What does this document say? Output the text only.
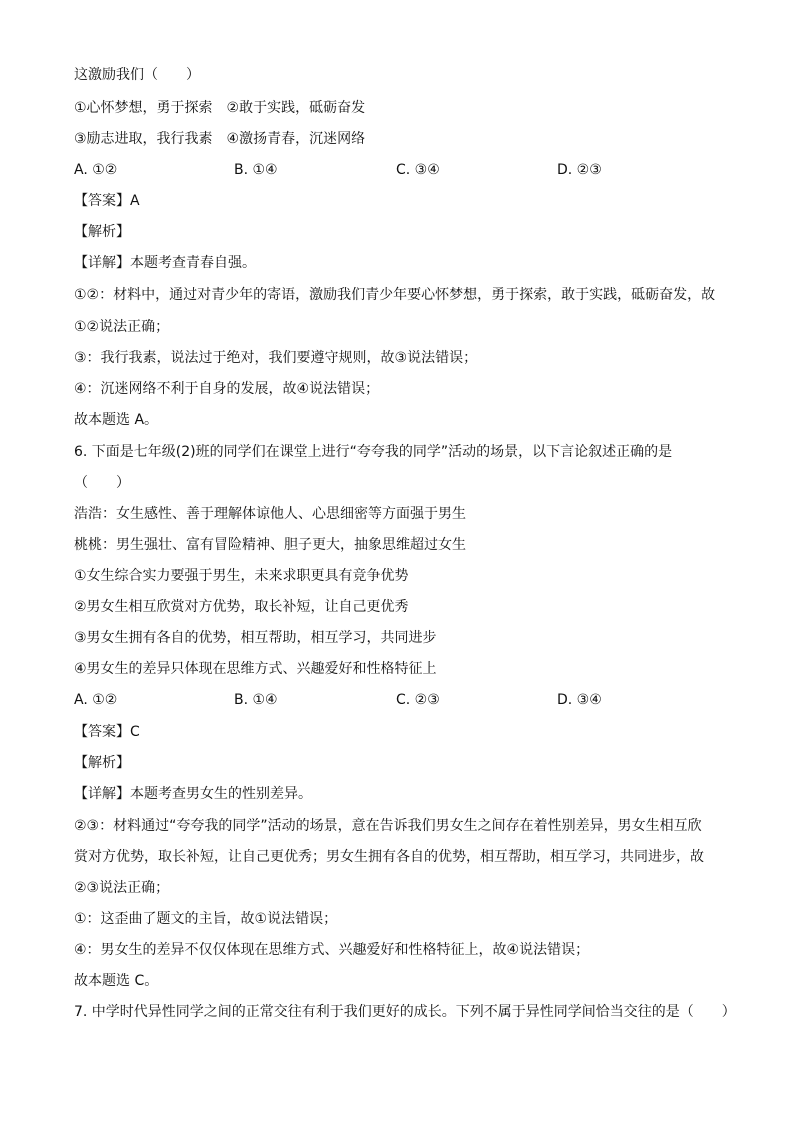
这激励我们（　　）
①心怀梦想，勇于探索　②敢于实践，砥砺奋发
③励志进取，我行我素　④激扬青春，沉迷网络
A. ①②	B. ①④	C. ③④	D. ②③
【答案】A
【解析】
【详解】本题考查青春自强。
①②：材料中，通过对青少年的寄语，激励我们青少年要心怀梦想，勇于探索，敢于实践，砥砺奋发，故
①②说法正确；
③：我行我素，说法过于绝对，我们要遵守规则，故③说法错误；
④：沉迷网络不利于自身的发展，故④说法错误；
故本题选 A。
6. 下面是七年级(2)班的同学们在课堂上进行“夸夸我的同学”活动的场景，以下言论叙述正确的是
（　　）
浩浩：女生感性、善于理解体谅他人、心思细密等方面强于男生
桃桃：男生强壮、富有冒险精神、胆子更大，抽象思维超过女生
①女生综合实力要强于男生，未来求职更具有竞争优势
②男女生相互欣赏对方优势，取长补短，让自己更优秀
③男女生拥有各自的优势，相互帮助，相互学习，共同进步
④男女生的差异只体现在思维方式、兴趣爱好和性格特征上
A. ①②	B. ①④	C. ②③	D. ③④
【答案】C
【解析】
【详解】本题考查男女生的性别差异。
②③：材料通过“夸夸我的同学”活动的场景，意在告诉我们男女生之间存在着性别差异，男女生相互欣
赏对方优势，取长补短，让自己更优秀；男女生拥有各自的优势，相互帮助，相互学习，共同进步，故
②③说法正确；
①：这歪曲了题文的主旨，故①说法错误；
④：男女生的差异不仅仅体现在思维方式、兴趣爱好和性格特征上，故④说法错误；
故本题选 C。
7. 中学时代异性同学之间的正常交往有利于我们更好的成长。下列不属于异性同学间恰当交往的是（　　）
